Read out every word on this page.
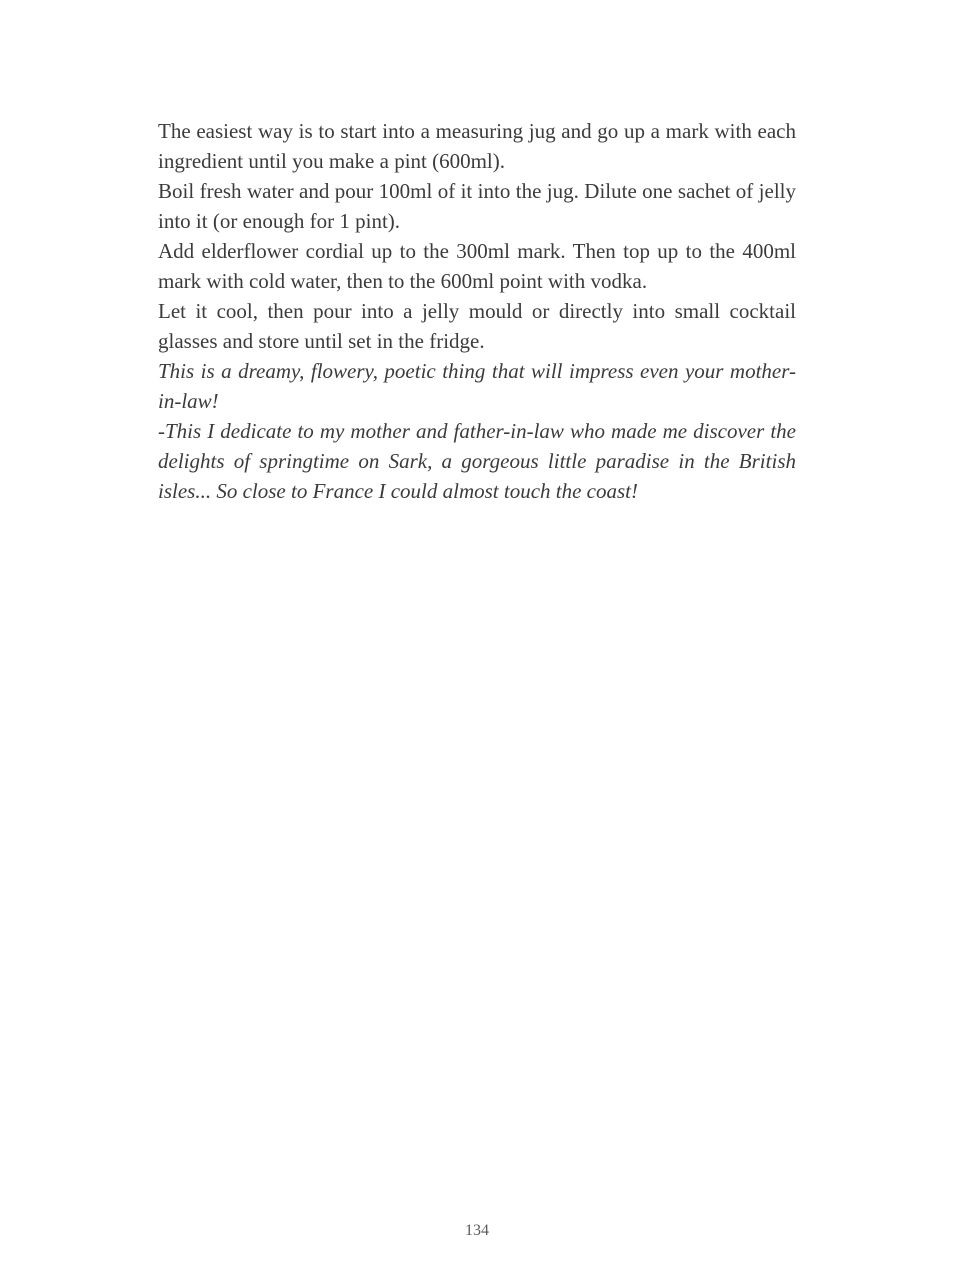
The easiest way is to start into a measuring jug and go up a mark with each ingredient until you make a pint (600ml).

Boil fresh water and pour 100ml of it into the jug. Dilute one sachet of jelly into it (or enough for 1 pint).

Add elderflower cordial up to the 300ml mark. Then top up to the 400ml mark with cold water, then to the 600ml point with vodka.

Let it cool, then pour into a jelly mould or directly into small cocktail glasses and store until set in the fridge.

This is a dreamy, flowery, poetic thing that will impress even your mother-in-law!

-This I dedicate to my mother and father-in-law who made me discover the delights of springtime on Sark, a gorgeous little paradise in the British isles... So close to France I could almost touch the coast!

134
